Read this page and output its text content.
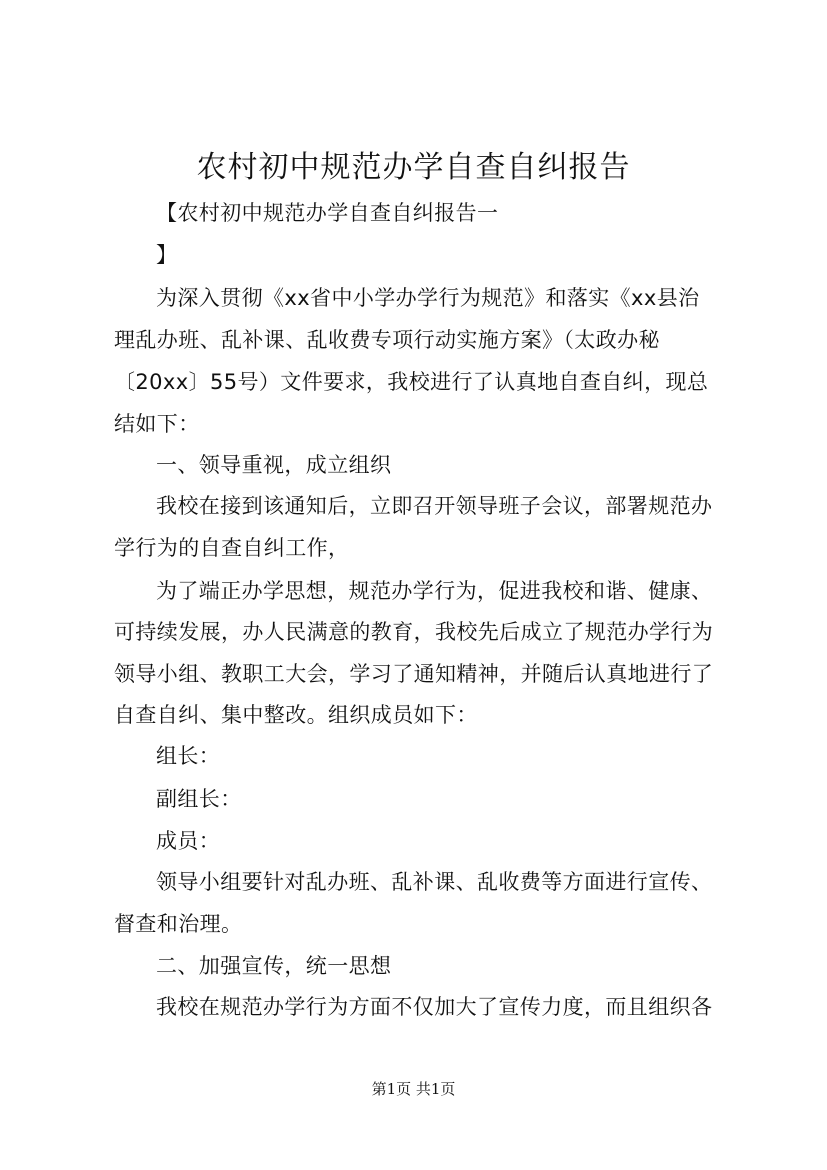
农村初中规范办学自查自纠报告
【农村初中规范办学自查自纠报告一
】
为深入贯彻《xx省中小学办学行为规范》和落实《xx县治
理乱办班、乱补课、乱收费专项行动实施方案》（太政办秘
〔20xx〕55号）文件要求，我校进行了认真地自查自纠，现总
结如下：
一、领导重视，成立组织
我校在接到该通知后，立即召开领导班子会议，部署规范办
学行为的自查自纠工作，
为了端正办学思想，规范办学行为，促进我校和谐、健康、
可持续发展，办人民满意的教育，我校先后成立了规范办学行为
领导小组、教职工大会，学习了通知精神，并随后认真地进行了
自查自纠、集中整改。组织成员如下：
组长：
副组长：
成员：
领导小组要针对乱办班、乱补课、乱收费等方面进行宣传、
督查和治理。
二、加强宣传，统一思想
我校在规范办学行为方面不仅加大了宣传力度，而且组织各
第1页 共1页
